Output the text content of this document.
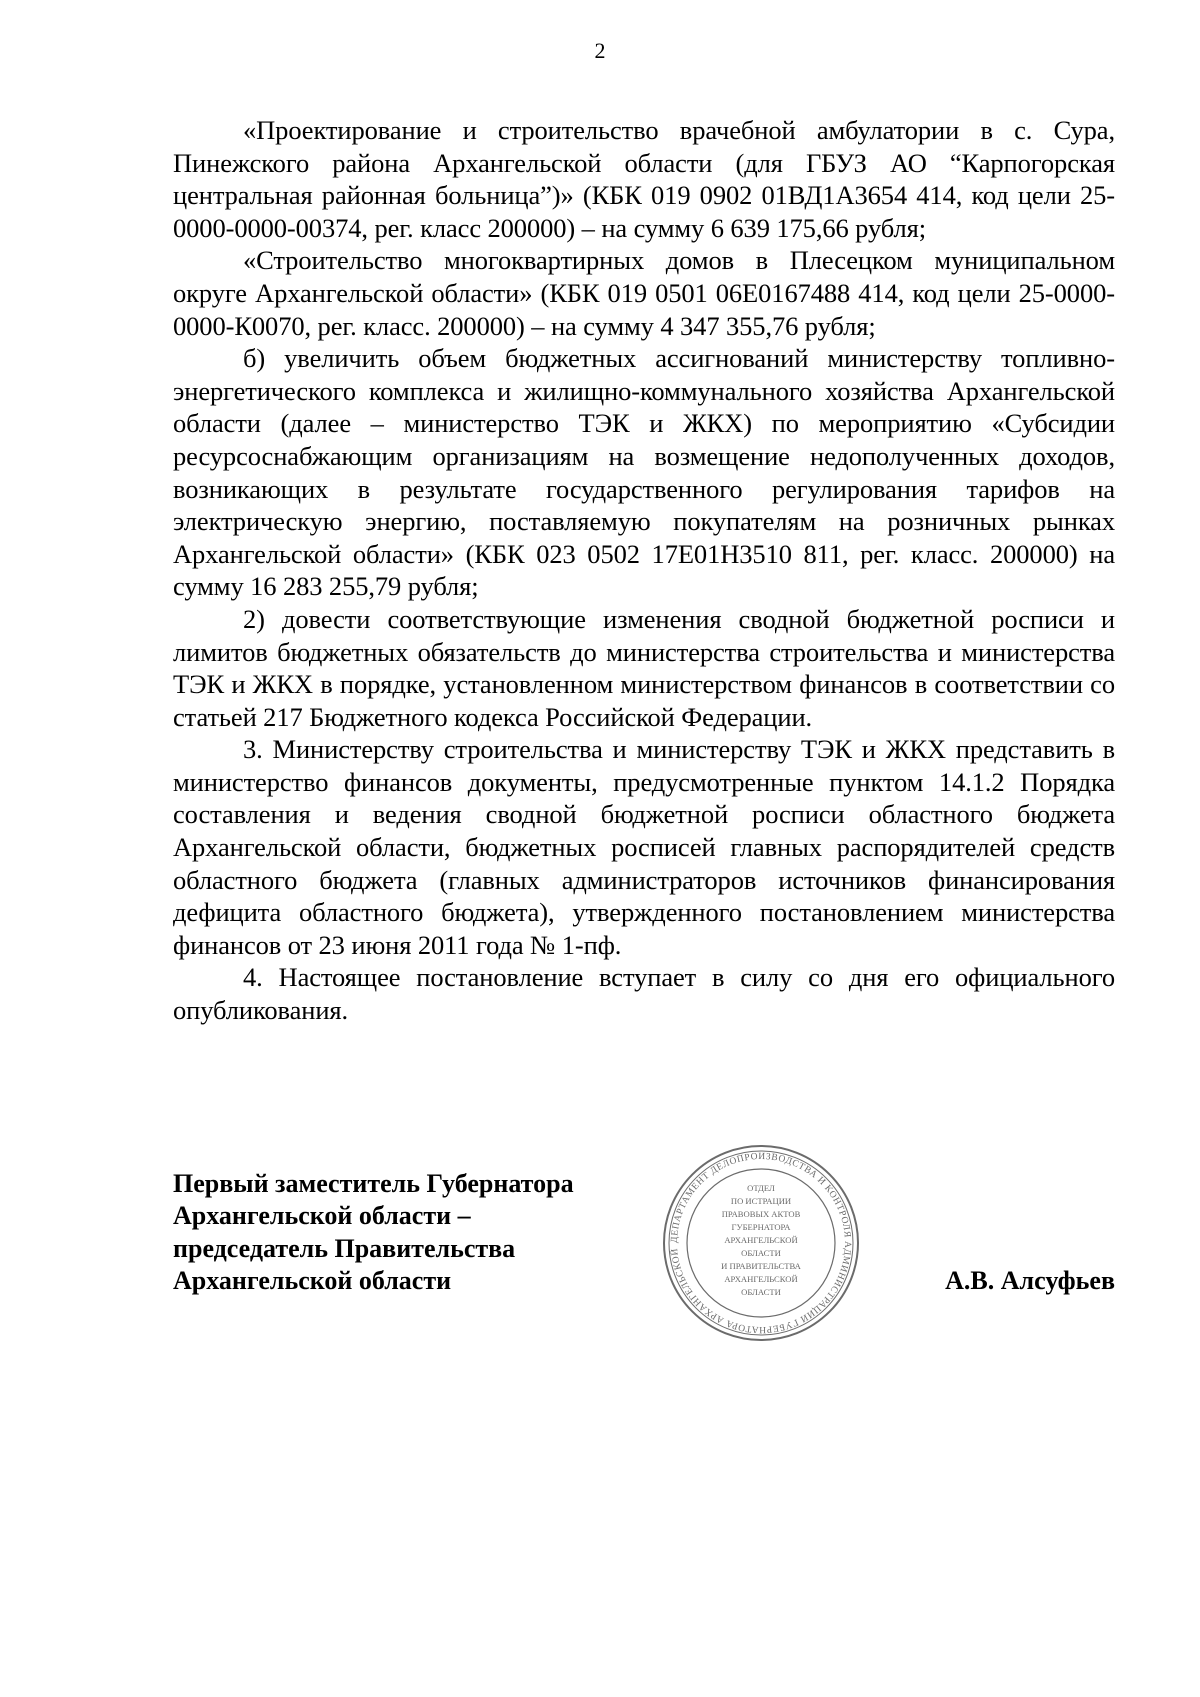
2

«Проектирование и строительство врачебной амбулатории в с. Сура, Пинежского района Архангельской области (для ГБУЗ АО “Карпогорская центральная районная больница”)» (КБК 019 0902 01ВД1А3654 414, код цели 25-0000-0000-00374, рег. класс 200000) – на сумму 6 639 175,66 рубля;

«Строительство многоквартирных домов в Плесецком муниципальном округе Архангельской области» (КБК 019 0501 06Е0167488 414, код цели 25-0000-0000-К0070, рег. класс. 200000) – на сумму 4 347 355,76 рубля;

б) увеличить объем бюджетных ассигнований министерству топливно-энергетического комплекса и жилищно-коммунального хозяйства Архангельской области (далее – министерство ТЭК и ЖКХ) по мероприятию «Субсидии ресурсоснабжающим организациям на возмещение недополученных доходов, возникающих в результате государственного регулирования тарифов на электрическую энергию, поставляемую покупателям на розничных рынках Архангельской области» (КБК 023 0502 17Е01Н3510 811, рег. класс. 200000) на сумму 16 283 255,79 рубля;

2) довести соответствующие изменения сводной бюджетной росписи и лимитов бюджетных обязательств до министерства строительства и министерства ТЭК и ЖКХ в порядке, установленном министерством финансов в соответствии со статьей 217 Бюджетного кодекса Российской Федерации.

3. Министерству строительства и министерству ТЭК и ЖКХ представить в министерство финансов документы, предусмотренные пунктом 14.1.2 Порядка составления и ведения сводной бюджетной росписи областного бюджета Архангельской области, бюджетных росписей главных распорядителей средств областного бюджета (главных администраторов источников финансирования дефицита областного бюджета), утвержденного постановлением министерства финансов от 23 июня 2011 года № 1-пф.

4. Настоящее постановление вступает в силу со дня его официального опубликования.

Первый заместитель Губернатора
Архангельской области –
председатель Правительства
Архангельской области
ДЕПАРТАМЕНТ ДЕЛОПРОИЗВОДСТВА И КОНТРОЛЯ АДМИНИСТРАЦИИ ГУБЕРНАТОРА АРХАНГЕЛЬСКОЙ
ОТДЕЛ
ПО ИСТРАЦИИ
ПРАВОВЫХ АКТОВ
ГУБЕРНАТОРА
АРХАНГЕЛЬСКОЙ
ОБЛАСТИ
И ПРАВИТЕЛЬСТВА
АРХАНГЕЛЬСКОЙ
ОБЛАСТИ	А.В. Алсуфьев
